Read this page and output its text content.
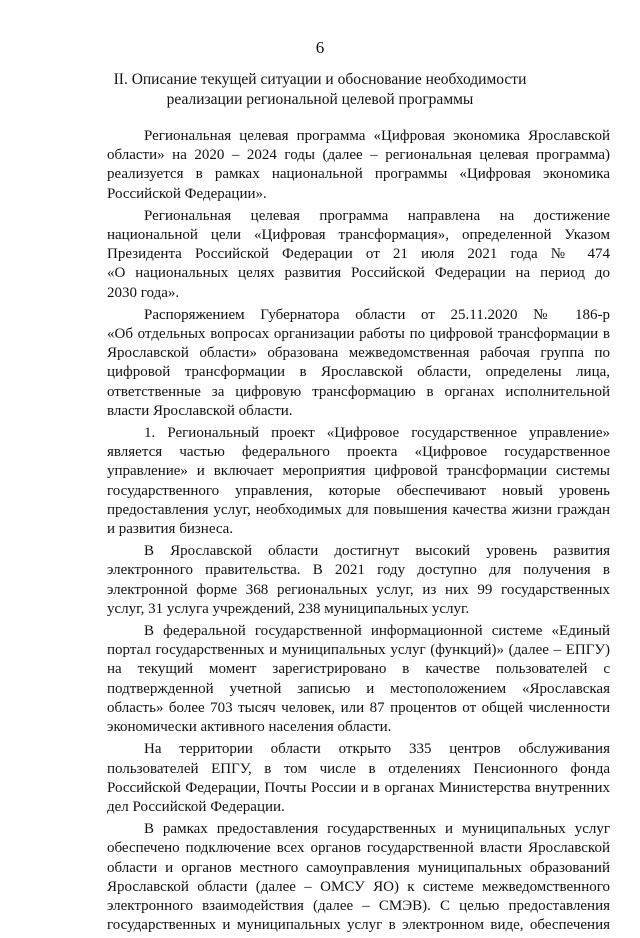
6
II. Описание текущей ситуации и обоснование необходимости
реализации региональной целевой программы
Региональная целевая программа «Цифровая экономика Ярославской
области» на 2020 – 2024 годы (далее – региональная целевая программа)
реализуется в рамках национальной программы «Цифровая экономика
Российской Федерации».
Региональная целевая программа направлена на достижение
национальной цели «Цифровая трансформация», определенной Указом
Президента Российской Федерации от 21 июля 2021 года № 474
«О национальных целях развития Российской Федерации на период до
2030 года».
Распоряжением Губернатора области от 25.11.2020 № 186-р
«Об отдельных вопросах организации работы по цифровой трансформации в
Ярославской области» образована межведомственная рабочая группа по
цифровой трансформации в Ярославской области, определены лица,
ответственные за цифровую трансформацию в органах исполнительной
власти Ярославской области.
1. Региональный проект «Цифровое государственное управление»
является частью федерального проекта «Цифровое государственное
управление» и включает мероприятия цифровой трансформации системы
государственного управления, которые обеспечивают новый уровень
предоставления услуг, необходимых для повышения качества жизни граждан
и развития бизнеса.
В Ярославской области достигнут высокий уровень развития
электронного правительства. В 2021 году доступно для получения в
электронной форме 368 региональных услуг, из них 99 государственных
услуг, 31 услуга учреждений, 238 муниципальных услуг.
В федеральной государственной информационной системе «Единый
портал государственных и муниципальных услуг (функций)» (далее – ЕПГУ)
на текущий момент зарегистрировано в качестве пользователей с
подтвержденной учетной записью и местоположением «Ярославская
область» более 703 тысяч человек, или 87 процентов от общей численности
экономически активного населения области.
На территории области открыто 335 центров обслуживания
пользователей ЕПГУ, в том числе в отделениях Пенсионного фонда
Российской Федерации, Почты России и в органах Министерства внутренних
дел Российской Федерации.
В рамках предоставления государственных и муниципальных услуг
обеспечено подключение всех органов государственной власти Ярославской
области и органов местного самоуправления муниципальных образований
Ярославской области (далее – ОМСУ ЯО) к системе межведомственного
электронного взаимодействия (далее – СМЭВ). С целью предоставления
государственных и муниципальных услуг в электронном виде, обеспечения
